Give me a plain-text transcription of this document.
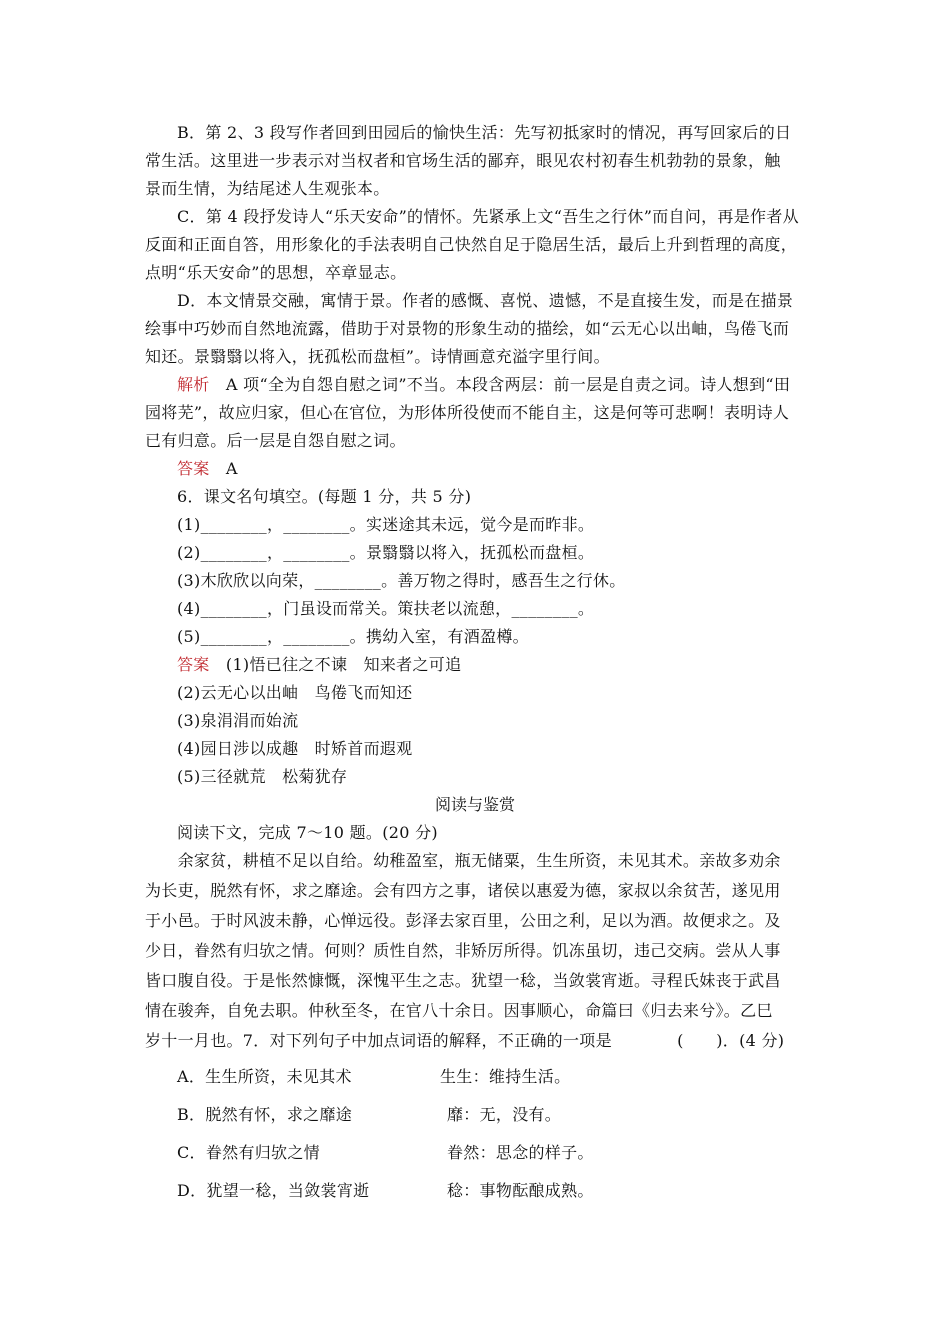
B．第 2、3 段写作者回到田园后的愉快生活：先写初抵家时的情况，再写回家后的日
常生活。这里进一步表示对当权者和官场生活的鄙弃，眼见农村初春生机勃勃的景象，触
景而生情，为结尾述人生观张本。
C．第 4 段抒发诗人“乐天安命”的情怀。先紧承上文“吾生之行休”而自问，再是作者从
反面和正面自答，用形象化的手法表明自己快然自足于隐居生活，最后上升到哲理的高度，
点明“乐天安命”的思想，卒章显志。
D．本文情景交融，寓情于景。作者的感慨、喜悦、遗憾，不是直接生发，而是在描景
绘事中巧妙而自然地流露，借助于对景物的形象生动的描绘，如“云无心以出岫，鸟倦飞而
知还。景翳翳以将入，抚孤松而盘桓”。诗情画意充溢字里行间。
解析　A 项“全为自怨自慰之词”不当。本段含两层：前一层是自责之词。诗人想到“田
园将芜”，故应归家，但心在官位，为形体所役使而不能自主，这是何等可悲啊！表明诗人
已有归意。后一层是自怨自慰之词。
答案　A
6．课文名句填空。(每题 1 分，共 5 分)
(1)________，________。实迷途其未远，觉今是而昨非。
(2)________，________。景翳翳以将入，抚孤松而盘桓。
(3)木欣欣以向荣，________。善万物之得时，感吾生之行休。
(4)________，门虽设而常关。策扶老以流憩，________。
(5)________，________。携幼入室，有酒盈樽。
答案　(1)悟已往之不谏　知来者之可追
(2)云无心以出岫　鸟倦飞而知还
(3)泉涓涓而始流
(4)园日涉以成趣　时矫首而遐观
(5)三径就荒　松菊犹存
阅读与鉴赏
阅读下文，完成 7～10 题。(20 分)
　　余家贫，耕植不足以自给。幼稚盈室，瓶无储粟，生生所资，未见其术。亲故多劝余
为长吏，脱然有怀，求之靡途。会有四方之事，诸侯以惠爱为德，家叔以余贫苦，遂见用
于小邑。于时风波未静，心惮远役。彭泽去家百里，公田之利，足以为酒。故便求之。及
少日，眷然有归欤之情。何则？质性自然，非矫厉所得。饥冻虽切，违己交病。尝从人事
皆口腹自役。于是怅然慷慨，深愧平生之志。犹望一稔，当敛裳宵逝。寻程氏妹丧于武昌
情在骏奔，自免去职。仲秋至冬，在官八十余日。因事顺心，命篇曰《归去来兮》。乙巳
岁十一月也。7．对下列句子中加点词语的解释，不正确的一项是　　　　(　　)．(4 分)
A．生生所资，未见其术	生生：维持生活。
B．脱然有怀，求之靡途	靡：无，没有。
C．眷然有归欤之情	眷然：思念的样子。
D．犹望一稔，当敛裳宵逝	稔：事物酝酿成熟。
